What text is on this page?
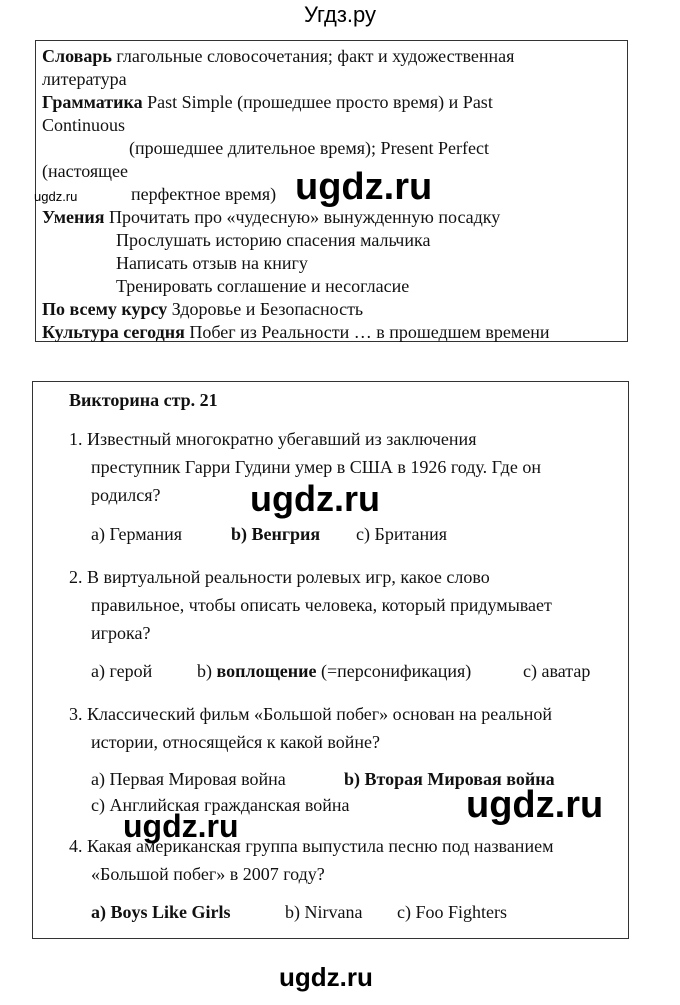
Угдз.ру
Словарь глагольные словосочетания; факт и художественная
литература
Грамматика Past Simple (прошедшее просто время) и Past
Continuous
(прошедшее длительное время); Present Perfect
(настоящее
перфектное время)
Умения Прочитать про «чудесную» вынужденную посадку
Прослушать историю спасения мальчика
Написать отзыв на книгу
Тренировать соглашение и несогласие
По всему курсу Здоровье и Безопасность
Культура сегодня Побег из Реальности … в прошедшем времени
ugdz.ru	ugdz.ru
Викторина стр. 21
1. Известный многократно убегавший из заключения
преступник Гарри Гудини умер в США в 1926 году. Где он
родился?
a) Германия	b) Венгрия c) Британия
2. В виртуальной реальности ролевых игр, какое слово
правильное, чтобы описать человека, который придумывает
игрока?
a) герой b) воплощение (=персонификация)	c) аватар
3. Классический фильм «Большой побег» основан на реальной
истории, относящейся к какой войне?
a) Первая Мировая война	b) Вторая Мировая война
c) Английская гражданская война
4. Какая американская группа выпустила песню под названием
«Большой побег» в 2007 году?
a) Boys Like Girls	b) Nirvana c) Foo Fighters
ugdz.ru
ugdz.ru
ugdz.ru
ugdz.ru
